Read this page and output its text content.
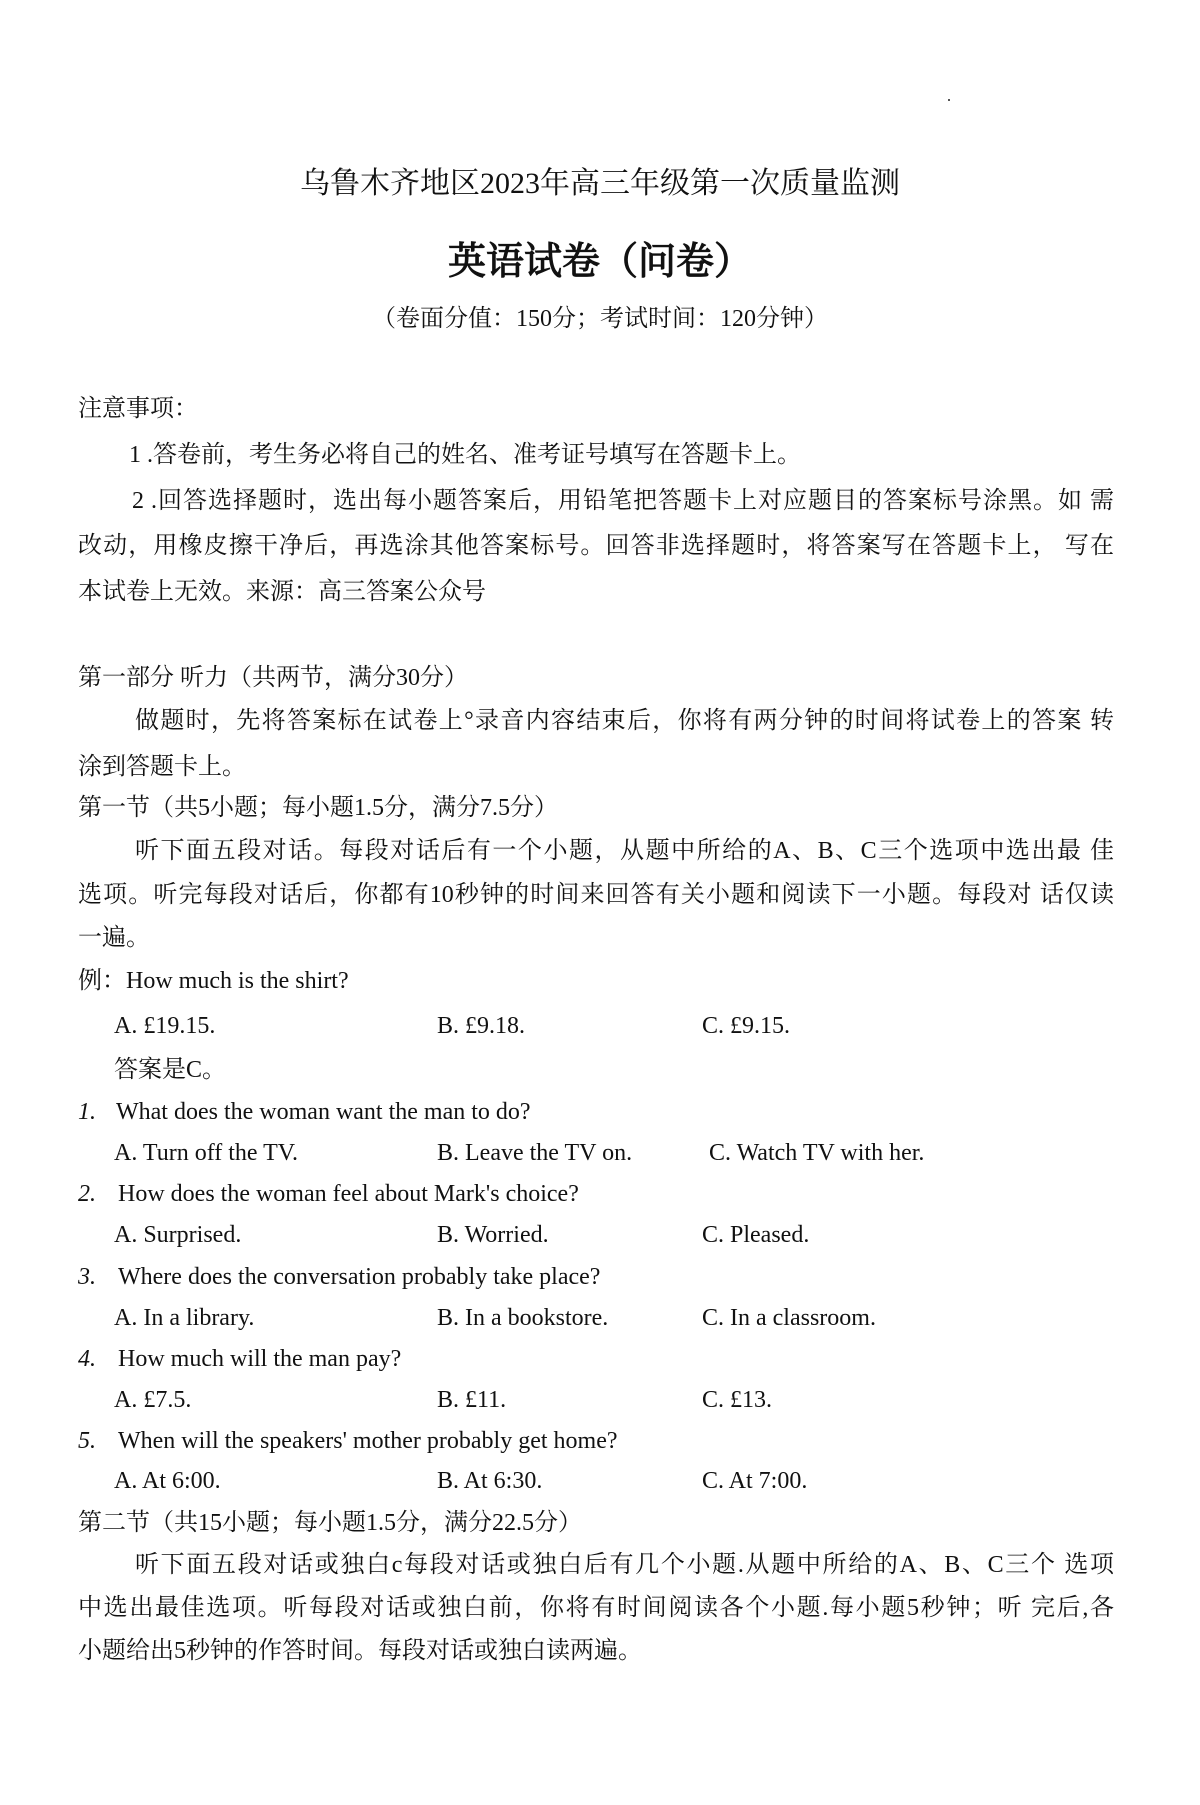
乌鲁木齐地区2023年高三年级第一次质量监测
英语试卷（问卷）
（卷面分值：150分；考试时间：120分钟）
注意事项：
1 .答卷前，考生务必将自己的姓名、准考证号填写在答题卡上。
2 .回答选择题时，选出每小题答案后，用铅笔把答题卡上对应题目的答案标号涂黑。如 需
改动，用橡皮擦干净后，再选涂其他答案标号。回答非选择题时，将答案写在答题卡上， 写在
本试卷上无效。来源：高三答案公众号
第一部分 听力（共两节，满分30分）
做题时，先将答案标在试卷上°录音内容结束后，你将有两分钟的时间将试卷上的答案 转
涂到答题卡上。
第一节（共5小题；每小题1.5分，满分7.5分）
听下面五段对话。每段对话后有一个小题，从题中所给的A、B、C三个选项中选出最 佳
选项。听完每段对话后，你都有10秒钟的时间来回答有关小题和阅读下一小题。每段对 话仅读
一遍。
例：How much is the shirt?
A. £19.15.	B. £9.18.	C. £9.15.
答案是C。
1. What does the woman want the man to do?
A. Turn off the TV.	B. Leave the TV on.	C. Watch TV with her.
2. How does the woman feel about Mark's choice?
A. Surprised.	B. Worried.	C. Pleased.
3. Where does the conversation probably take place?
A. In a library.	B. In a bookstore.	C. In a classroom.
4. How much will the man pay?
A. £7.5.	B. £11.	C. £13.
5. When will the speakers' mother probably get home?
A. At 6:00.	B. At 6:30.	C. At 7:00.
第二节（共15小题；每小题1.5分，满分22.5分）
听下面五段对话或独白c每段对话或独白后有几个小题.从题中所给的A、B、C三个 选项
中选出最佳选项。听每段对话或独白前，你将有时间阅读各个小题.每小题5秒钟；听 完后,各
小题给出5秒钟的作答时间。每段对话或独白读两遍。
